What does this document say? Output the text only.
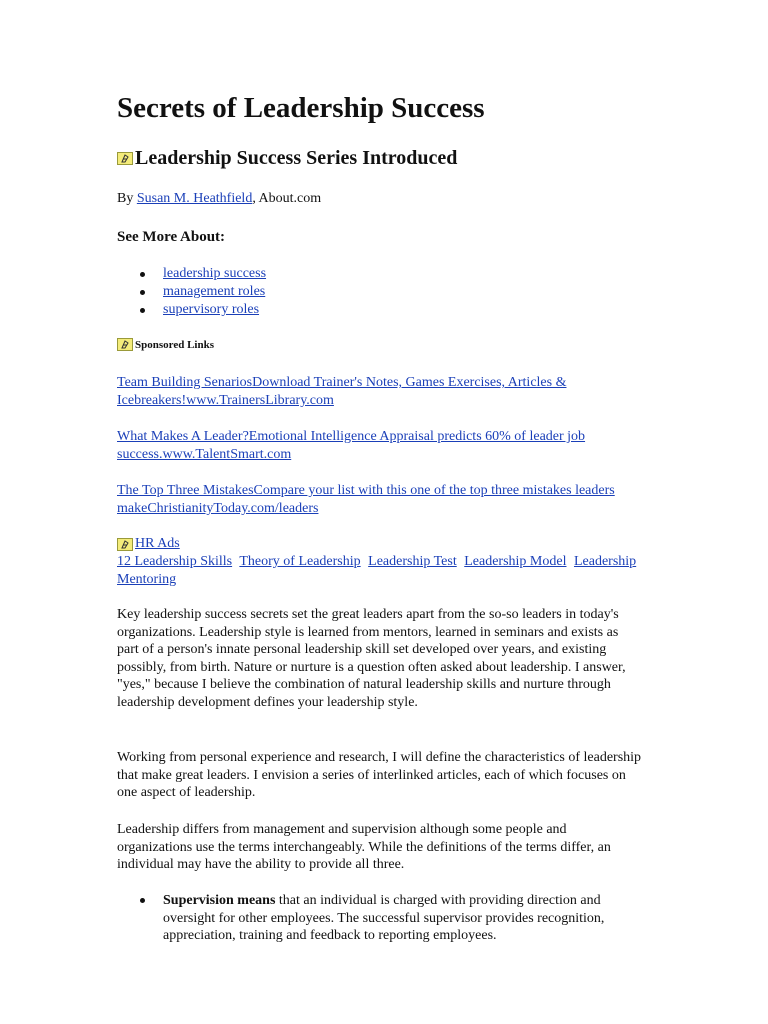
Secrets of Leadership Success
Leadership Success Series Introduced
By Susan M. Heathfield, About.com
See More About:
leadership success
management roles
supervisory roles
Sponsored Links
Team Building SenariosDownload Trainer's Notes, Games Exercises, Articles & Icebreakers!www.TrainersLibrary.com
What Makes A Leader?Emotional Intelligence Appraisal predicts 60% of leader job success.www.TalentSmart.com
The Top Three MistakesCompare your list with this one of the top three mistakes leaders makeChristianityToday.com/leaders
HR Ads
12 Leadership Skills Theory of Leadership Leadership Test Leadership Model Leadership Mentoring

Key leadership success secrets set the great leaders apart from the so-so leaders in today's organizations. Leadership style is learned from mentors, learned in seminars and exists as part of a person's innate personal leadership skill set developed over years, and existing possibly, from birth. Nature or nurture is a question often asked about leadership. I answer, "yes," because I believe the combination of natural leadership skills and nurture through leadership development defines your leadership style.

Working from personal experience and research, I will define the characteristics of leadership that make great leaders. I envision a series of interlinked articles, each of which focuses on one aspect of leadership.

Leadership differs from management and supervision although some people and organizations use the terms interchangeably. While the definitions of the terms differ, an individual may have the ability to provide all three.

Supervision means that an individual is charged with providing direction and oversight for other employees. The successful supervisor provides recognition, appreciation, training and feedback to reporting employees.
